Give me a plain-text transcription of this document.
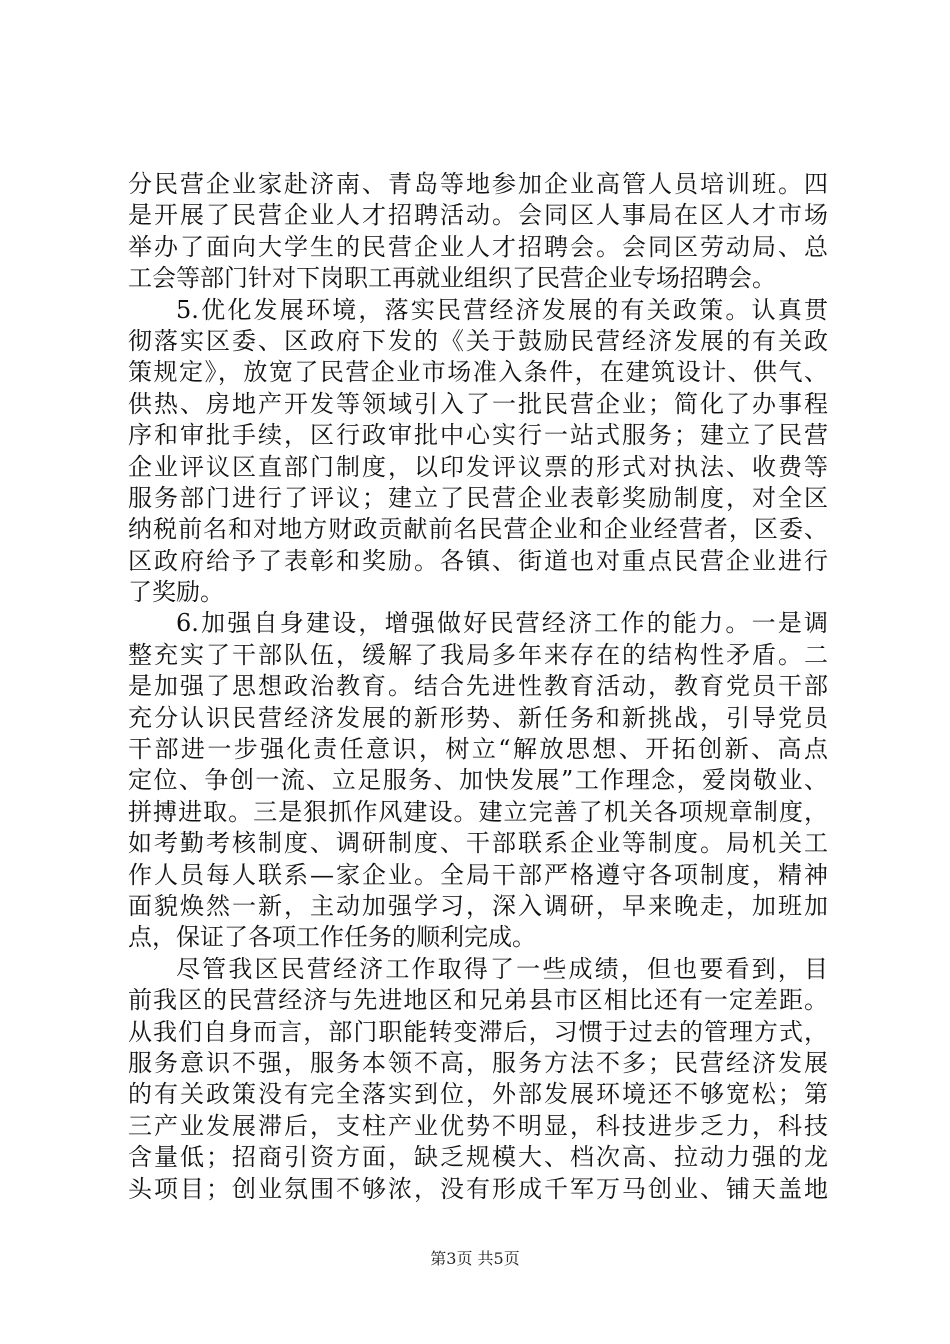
分民营企业家赴济南、青岛等地参加企业高管人员培训班。四
是开展了民营企业人才招聘活动。会同区人事局在区人才市场
举办了面向大学生的民营企业人才招聘会。会同区劳动局、总
工会等部门针对下岗职工再就业组织了民营企业专场招聘会。
5.优化发展环境，落实民营经济发展的有关政策。认真贯
彻落实区委、区政府下发的《关于鼓励民营经济发展的有关政
策规定》，放宽了民营企业市场准入条件，在建筑设计、供气、
供热、房地产开发等领域引入了一批民营企业；简化了办事程
序和审批手续，区行政审批中心实行一站式服务；建立了民营
企业评议区直部门制度，以印发评议票的形式对执法、收费等
服务部门进行了评议；建立了民营企业表彰奖励制度，对全区
纳税前名和对地方财政贡献前名民营企业和企业经营者，区委、
区政府给予了表彰和奖励。各镇、街道也对重点民营企业进行
了奖励。
6.加强自身建设，增强做好民营经济工作的能力。一是调
整充实了干部队伍，缓解了我局多年来存在的结构性矛盾。二
是加强了思想政治教育。结合先进性教育活动，教育党员干部
充分认识民营经济发展的新形势、新任务和新挑战，引导党员
干部进一步强化责任意识，树立“解放思想、开拓创新、高点
定位、争创一流、立足服务、加快发展”工作理念，爱岗敬业、
拼搏进取。三是狠抓作风建设。建立完善了机关各项规章制度，
如考勤考核制度、调研制度、干部联系企业等制度。局机关工
作人员每人联系—家企业。全局干部严格遵守各项制度，精神
面貌焕然一新，主动加强学习，深入调研，早来晚走，加班加
点，保证了各项工作任务的顺利完成。
尽管我区民营经济工作取得了一些成绩，但也要看到，目
前我区的民营经济与先进地区和兄弟县市区相比还有一定差距。
从我们自身而言，部门职能转变滞后，习惯于过去的管理方式，
服务意识不强，服务本领不高，服务方法不多；民营经济发展
的有关政策没有完全落实到位，外部发展环境还不够宽松；第
三产业发展滞后，支柱产业优势不明显，科技进步乏力，科技
含量低；招商引资方面，缺乏规模大、档次高、拉动力强的龙
头项目；创业氛围不够浓，没有形成千军万马创业、铺天盖地
第3页 共5页
